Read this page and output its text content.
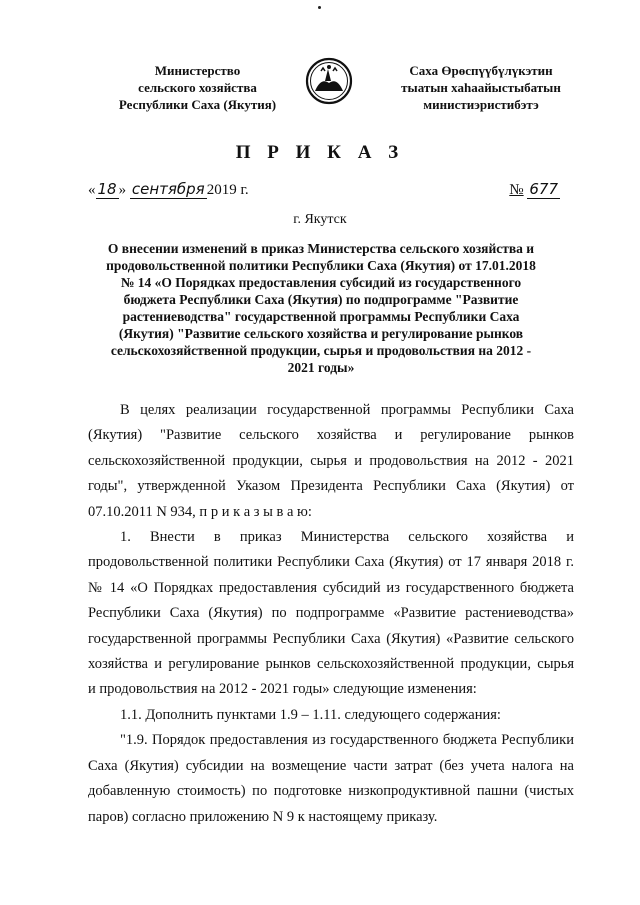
Министерство
сельского хозяйства
Республики Саха (Якутия)
Саха Өрөспүүбүлүкэтин
тыатын хаһаайыстыбатын
министиэристибэтэ
П Р И К А З
« 18 » сентября 2019 г.	№ 677
г. Якутск
О внесении изменений в приказ Министерства сельского хозяйства и
продовольственной политики Республики Саха (Якутия) от 17.01.2018
№ 14 «О Порядках предоставления субсидий из государственного
бюджета Республики Саха (Якутия) по подпрограмме "Развитие
растениеводства" государственной программы Республики Саха
(Якутия) "Развитие сельского хозяйства и регулирование рынков
сельскохозяйственной продукции, сырья и продовольствия на 2012 -
2021 годы»

В целях реализации государственной программы Республики Саха
(Якутия) "Развитие сельского хозяйства и регулирование рынков
сельскохозяйственной продукции, сырья и продовольствия на 2012 - 2021
годы", утвержденной Указом Президента Республики Саха (Якутия) от
07.10.2011 N 934, п р и к а з ы в а ю:

1. Внести в приказ Министерства сельского хозяйства и
продовольственной политики Республики Саха (Якутия) от 17 января 2018 г.
№ 14 «О Порядках предоставления субсидий из государственного бюджета
Республики Саха (Якутия) по подпрограмме «Развитие растениеводства»
государственной программы Республики Саха (Якутия) «Развитие сельского
хозяйства и регулирование рынков сельскохозяйственной продукции, сырья
и продовольствия на 2012 - 2021 годы» следующие изменения:

1.1. Дополнить пунктами 1.9 – 1.11. следующего содержания:

"1.9. Порядок предоставления из государственного бюджета Республики
Саха (Якутия) субсидии на возмещение части затрат (без учета налога на
добавленную стоимость) по подготовке низкопродуктивной пашни (чистых
паров) согласно приложению N 9 к настоящему приказу.
